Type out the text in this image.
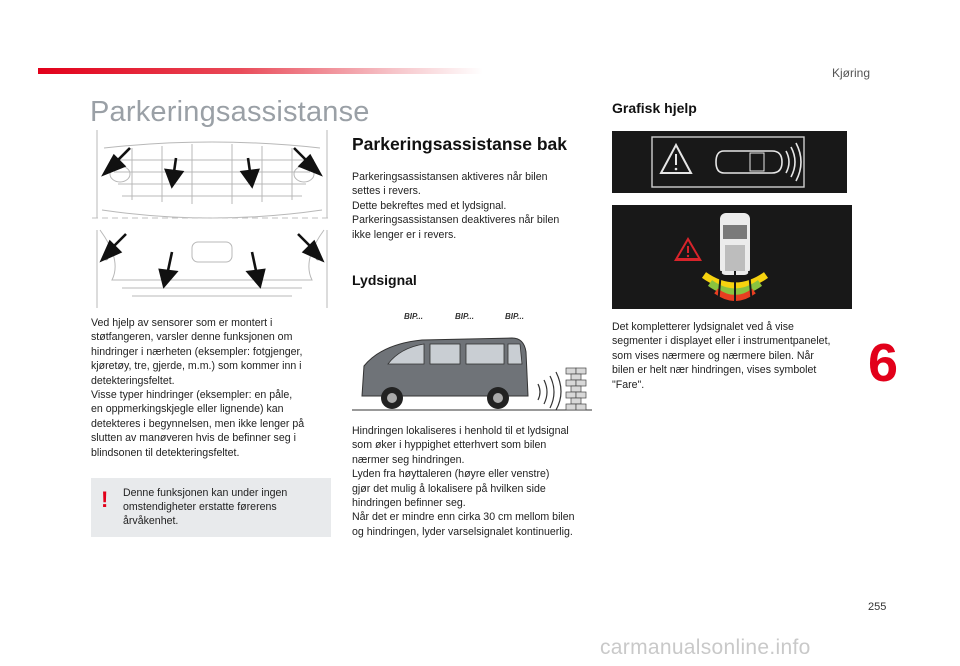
Kjøring
Parkeringsassistanse

Ved hjelp av sensorer som er montert i

støtfangeren, varsler denne funksjonen om

hindringer i nærheten (eksempler: fotgjenger,

kjøretøy, tre, gjerde, m.m.) som kommer inn i

detekteringsfeltet.

Visse typer hindringer (eksempler: en påle,

en oppmerkingskjegle eller lignende) kan

detekteres i begynnelsen, men ikke lenger på

slutten av manøveren hvis de befinner seg i

blindsonen til detekteringsfeltet.

! Denne funksjonen kan under ingen

omstendigheter erstatte førerens

årvåkenhet.

Parkeringsassistanse bak

Parkeringsassistansen aktiveres når bilen

settes i revers.

Dette bekreftes med et lydsignal.

Parkeringsassistansen deaktiveres når bilen

ikke lenger er i revers.

Lydsignal
BIP...	BIP...	BIP...

Hindringen lokaliseres i henhold til et lydsignal

som øker i hyppighet etterhvert som bilen

nærmer seg hindringen.

Lyden fra høyttaleren (høyre eller venstre)

gjør det mulig å lokalisere på hvilken side

hindringen befinner seg.

Når det er mindre enn cirka 30 cm mellom bilen

og hindringen, lyder varselsignalet kontinuerlig.

Grafisk hjelp

Det kompletterer lydsignalet ved å vise

segmenter i displayet eller i instrumentpanelet,

som vises nærmere og nærmere bilen. Når

bilen er helt nær hindringen, vises symbolet

"Fare".	6
255
carmanualsonline.info
